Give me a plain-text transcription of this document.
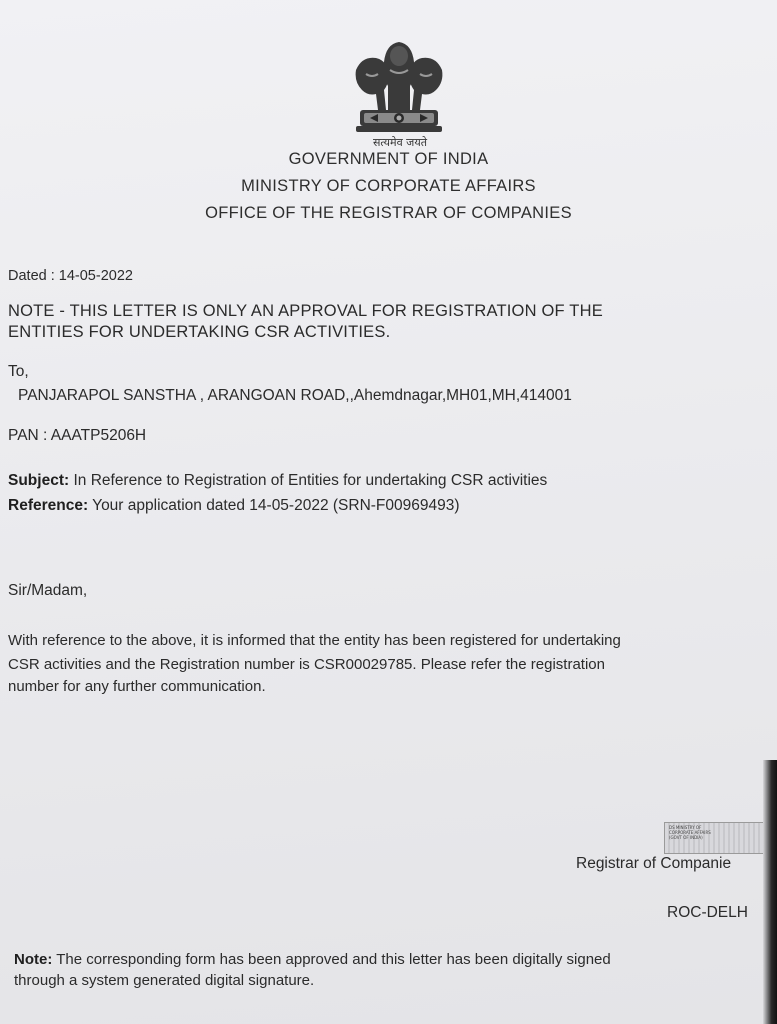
सत्यमेव जयते
GOVERNMENT OF INDIA
MINISTRY OF CORPORATE AFFAIRS
OFFICE OF THE REGISTRAR OF COMPANIES
Dated : 14-05-2022
NOTE - THIS LETTER IS ONLY AN APPROVAL FOR REGISTRATION OF THE
ENTITIES FOR UNDERTAKING CSR ACTIVITIES.
To,
PANJARAPOL SANSTHA , ARANGOAN ROAD,,Ahemdnagar,MH01,MH,414001
PAN : AAATP5206H
Subject: In Reference to Registration of Entities for undertaking CSR activities
Reference: Your application dated 14-05-2022 (SRN-F00969493)
Sir/Madam,
With reference to the above, it is informed that the entity has been registered for undertaking
CSR activities and the Registration number is CSR00029785. Please refer the registration
number for any further communication.
DS MINISTRY OF CORPORATE AFFAIRS (GOVT OF INDIA)
Registrar of Companie
ROC-DELH
Note: The corresponding form has been approved and this letter has been digitally signed
through a system generated digital signature.
